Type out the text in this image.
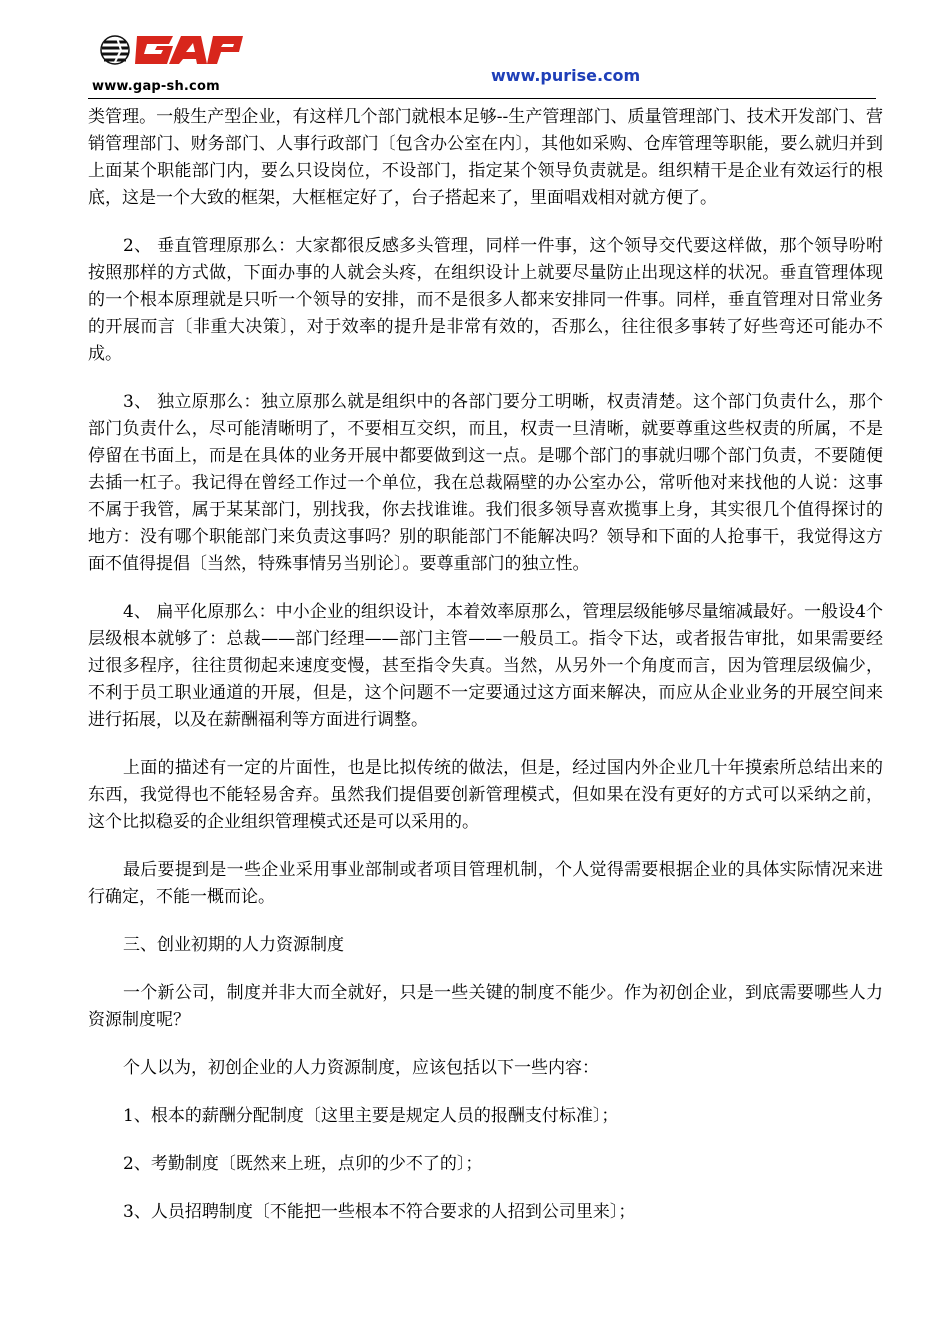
www.gap-sh.com
www.purise.com

类管理。一般生产型企业，有这样几个部门就根本足够--生产管理部门、质量管理部门、技术开发部门、营销管理部门、财务部门、人事行政部门〔包含办公室在内〕，其他如采购、仓库管理等职能，要么就归并到上面某个职能部门内，要么只设岗位，不设部门，指定某个领导负责就是。组织精干是企业有效运行的根底，这是一个大致的框架，大框框定好了，台子搭起来了，里面唱戏相对就方便了。

2、 垂直管理原那么：大家都很反感多头管理，同样一件事，这个领导交代要这样做，那个领导吩咐按照那样的方式做，下面办事的人就会头疼，在组织设计上就要尽量防止出现这样的状况。垂直管理体现的一个根本原理就是只听一个领导的安排，而不是很多人都来安排同一件事。同样，垂直管理对日常业务的开展而言〔非重大决策〕，对于效率的提升是非常有效的，否那么，往往很多事转了好些弯还可能办不成。

3、 独立原那么：独立原那么就是组织中的各部门要分工明晰，权责清楚。这个部门负责什么，那个部门负责什么，尽可能清晰明了，不要相互交织，而且，权责一旦清晰，就要尊重这些权责的所属，不是停留在书面上，而是在具体的业务开展中都要做到这一点。是哪个部门的事就归哪个部门负责，不要随便去插一杠子。我记得在曾经工作过一个单位，我在总裁隔壁的办公室办公，常听他对来找他的人说：这事不属于我管，属于某某部门，别找我，你去找谁谁。我们很多领导喜欢揽事上身，其实很几个值得探讨的地方：没有哪个职能部门来负责这事吗？别的职能部门不能解决吗？领导和下面的人抢事干，我觉得这方面不值得提倡〔当然，特殊事情另当别论〕。要尊重部门的独立性。

4、 扁平化原那么：中小企业的组织设计，本着效率原那么，管理层级能够尽量缩减最好。一般设4个层级根本就够了：总裁——部门经理——部门主管——一般员工。指令下达，或者报告审批，如果需要经过很多程序，往往贯彻起来速度变慢，甚至指令失真。当然，从另外一个角度而言，因为管理层级偏少，不利于员工职业通道的开展，但是，这个问题不一定要通过这方面来解决，而应从企业业务的开展空间来进行拓展，以及在薪酬福利等方面进行调整。

上面的描述有一定的片面性，也是比拟传统的做法，但是，经过国内外企业几十年摸索所总结出来的东西，我觉得也不能轻易舍弃。虽然我们提倡要创新管理模式，但如果在没有更好的方式可以采纳之前，这个比拟稳妥的企业组织管理模式还是可以采用的。

最后要提到是一些企业采用事业部制或者项目管理机制，个人觉得需要根据企业的具体实际情况来进行确定，不能一概而论。

三、创业初期的人力资源制度

一个新公司，制度并非大而全就好，只是一些关键的制度不能少。作为初创企业，到底需要哪些人力资源制度呢？

个人以为，初创企业的人力资源制度，应该包括以下一些内容：

1、根本的薪酬分配制度〔这里主要是规定人员的报酬支付标准〕；

2、考勤制度〔既然来上班，点卯的少不了的〕；

3、人员招聘制度〔不能把一些根本不符合要求的人招到公司里来〕；
